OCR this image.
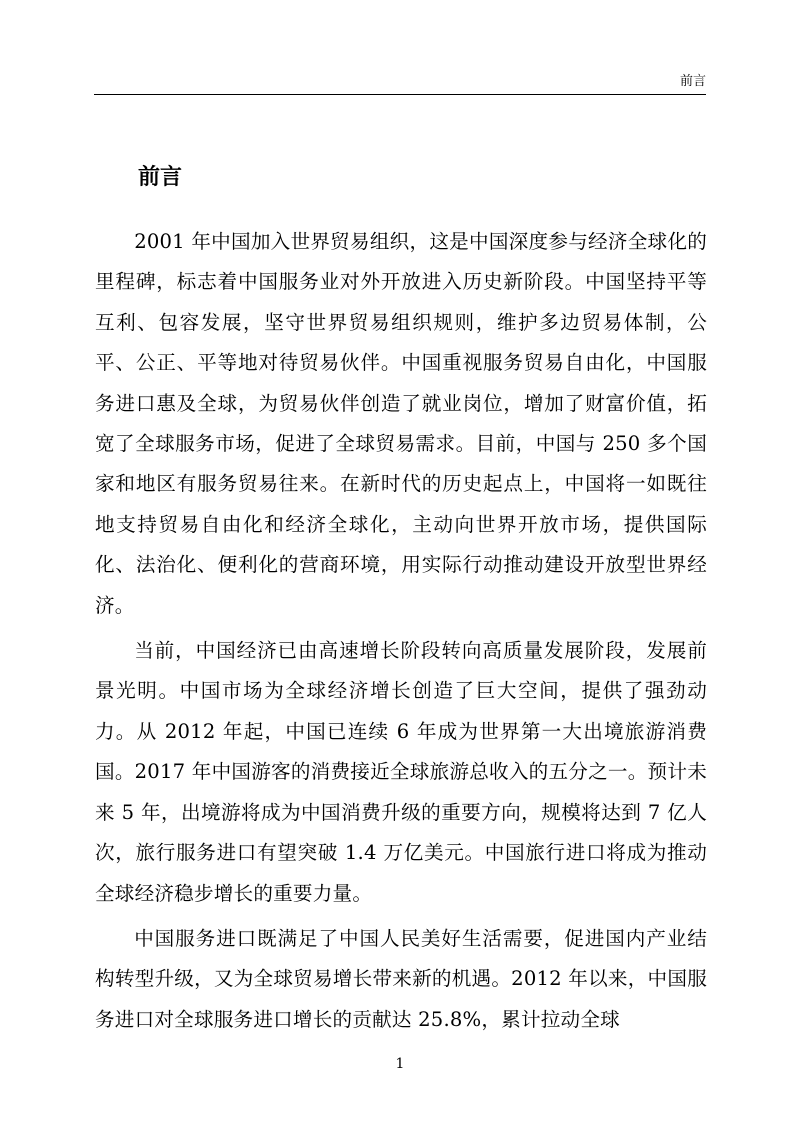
前言
前言

2001 年中国加入世界贸易组织，这是中国深度参与经济全球化的里程碑，标志着中国服务业对外开放进入历史新阶段。中国坚持平等互利、包容发展，坚守世界贸易组织规则，维护多边贸易体制，公平、公正、平等地对待贸易伙伴。中国重视服务贸易自由化，中国服务进口惠及全球，为贸易伙伴创造了就业岗位，增加了财富价值，拓宽了全球服务市场，促进了全球贸易需求。目前，中国与 250 多个国家和地区有服务贸易往来。在新时代的历史起点上，中国将一如既往地支持贸易自由化和经济全球化，主动向世界开放市场，提供国际化、法治化、便利化的营商环境，用实际行动推动建设开放型世界经济。

当前，中国经济已由高速增长阶段转向高质量发展阶段，发展前景光明。中国市场为全球经济增长创造了巨大空间，提供了强劲动力。从 2012 年起，中国已连续 6 年成为世界第一大出境旅游消费国。2017 年中国游客的消费接近全球旅游总收入的五分之一。预计未来 5 年，出境游将成为中国消费升级的重要方向，规模将达到 7 亿人次，旅行服务进口有望突破 1.4 万亿美元。中国旅行进口将成为推动全球经济稳步增长的重要力量。

中国服务进口既满足了中国人民美好生活需要，促进国内产业结构转型升级，又为全球贸易增长带来新的机遇。2012 年以来，中国服务进口对全球服务进口增长的贡献达 25.8%，累计拉动全球

1
